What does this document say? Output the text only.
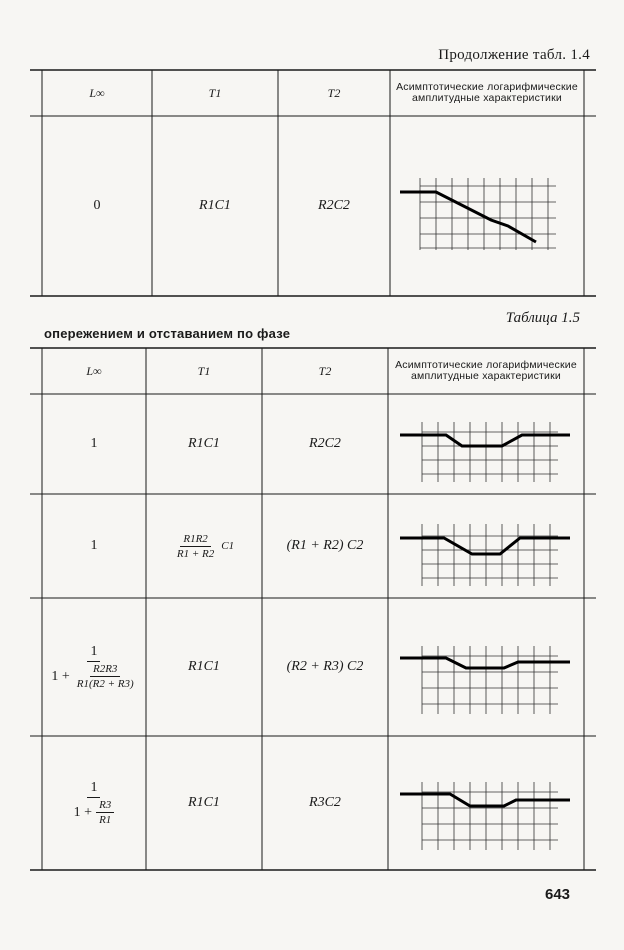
Продолжение табл. 1.4
Таблица 1.5
опережением и отставанием по фазе
643
L∞	T1	T2	Асимптотические логарифмические амплитудные характеристики
0	R1C1	R2C2
L∞	T1	T2	Асимптотические логарифмические амплитудные характеристики
1	R1C1	R2C2
1	$\frac{R1R2}{R1 + R2} C1$	(R1 + R2) C2
$\frac{1}{1 + \frac{R2R3}{R1(R2 + R3)}}$	R1C1	(R2 + R3) C2
$\frac{1}{1 + \frac{R3}{R1}}$	R1C1	R3C2
